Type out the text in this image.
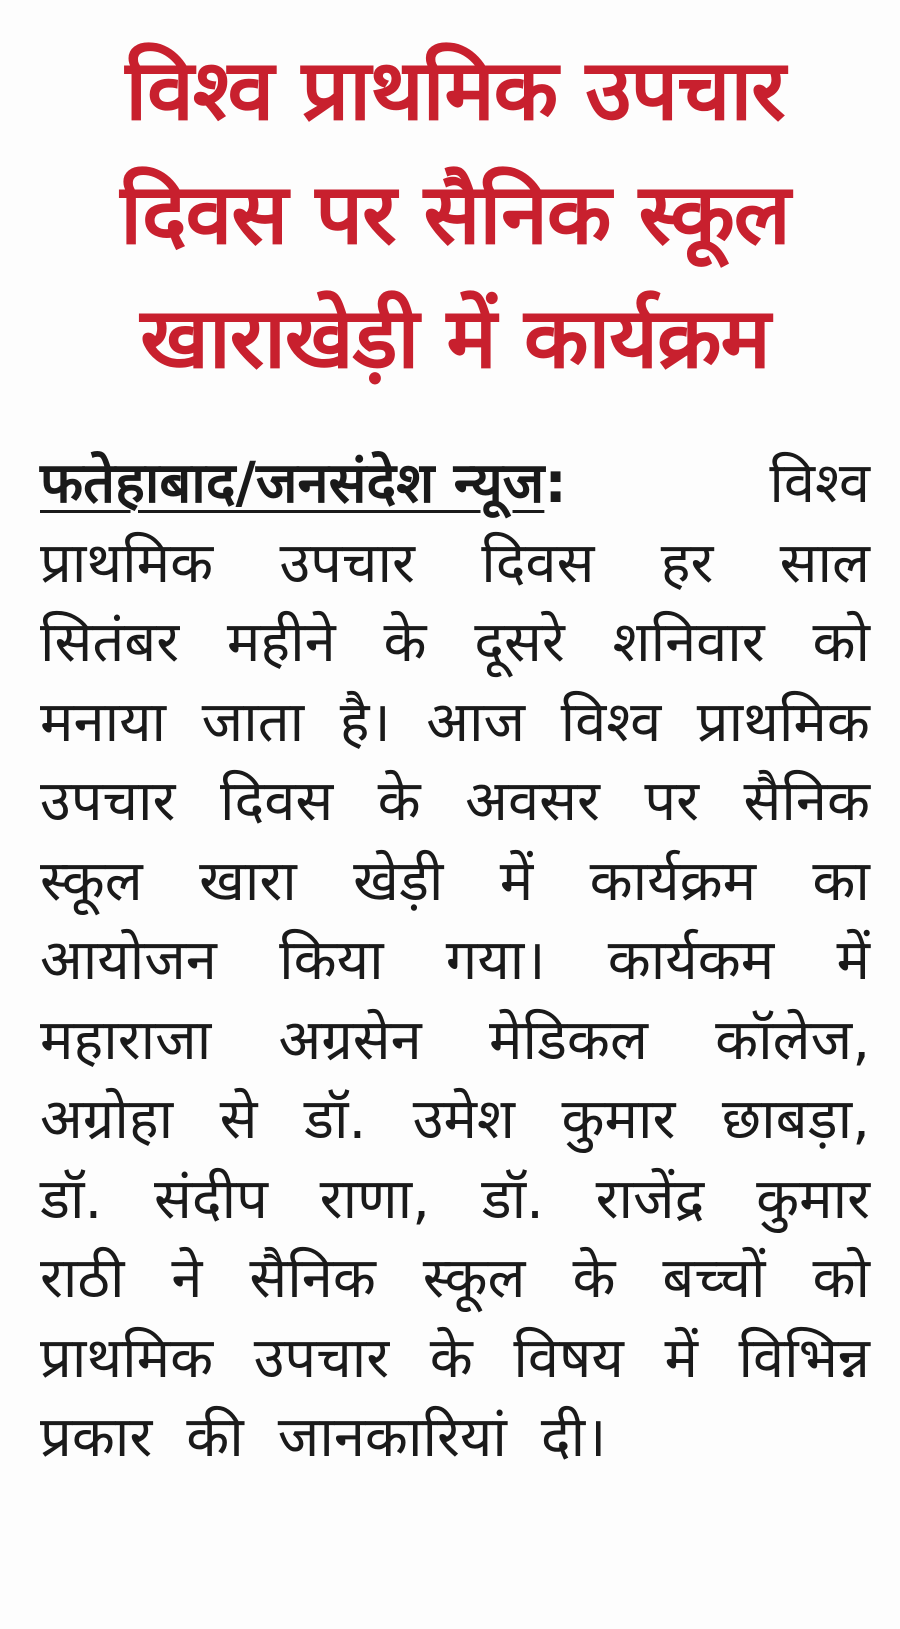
विश्व प्राथमिक उपचार
दिवस पर सैनिक स्कूल
खाराखेड़ी में कार्यक्रम
फतेहाबाद/जनसंदेश न्यूज:	विश्व
प्राथमिक उपचार दिवस हर साल
सितंबर महीने के दूसरे शनिवार को
मनाया जाता है। आज विश्व प्राथमिक
उपचार दिवस के अवसर पर सैनिक
स्कूल खारा खेड़ी में कार्यक्रम का
आयोजन किया गया। कार्यकम में
महाराजा अग्रसेन मेडिकल कॉलेज,
अग्रोहा से डॉ. उमेश कुमार छाबड़ा,
डॉ. संदीप राणा, डॉ. राजेंद्र कुमार
राठी ने सैनिक स्कूल के बच्चों को
प्राथमिक उपचार के विषय में विभिन्न
प्रकार की जानकारियां दी।
